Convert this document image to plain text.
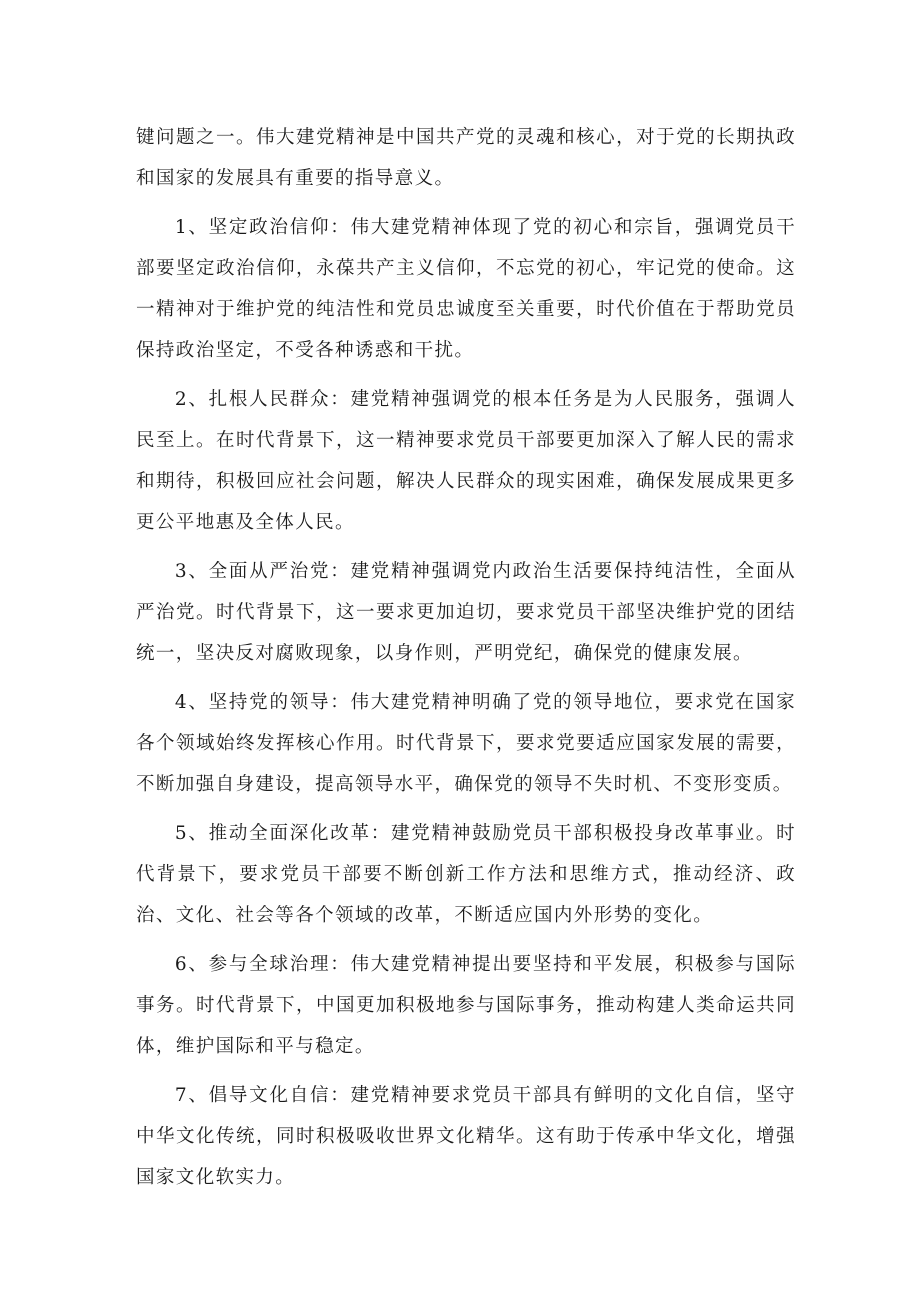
键问题之一。伟大建党精神是中国共产党的灵魂和核心，对于党的长期执政和国家的发展具有重要的指导意义。

1、坚定政治信仰：伟大建党精神体现了党的初心和宗旨，强调党员干部要坚定政治信仰，永葆共产主义信仰，不忘党的初心，牢记党的使命。这一精神对于维护党的纯洁性和党员忠诚度至关重要，时代价值在于帮助党员保持政治坚定，不受各种诱惑和干扰。

2、扎根人民群众：建党精神强调党的根本任务是为人民服务，强调人民至上。在时代背景下，这一精神要求党员干部要更加深入了解人民的需求和期待，积极回应社会问题，解决人民群众的现实困难，确保发展成果更多更公平地惠及全体人民。

3、全面从严治党：建党精神强调党内政治生活要保持纯洁性，全面从严治党。时代背景下，这一要求更加迫切，要求党员干部坚决维护党的团结统一，坚决反对腐败现象，以身作则，严明党纪，确保党的健康发展。

4、坚持党的领导：伟大建党精神明确了党的领导地位，要求党在国家各个领域始终发挥核心作用。时代背景下，要求党要适应国家发展的需要，不断加强自身建设，提高领导水平，确保党的领导不失时机、不变形变质。

5、推动全面深化改革：建党精神鼓励党员干部积极投身改革事业。时代背景下，要求党员干部要不断创新工作方法和思维方式，推动经济、政治、文化、社会等各个领域的改革，不断适应国内外形势的变化。

6、参与全球治理：伟大建党精神提出要坚持和平发展，积极参与国际事务。时代背景下，中国更加积极地参与国际事务，推动构建人类命运共同体，维护国际和平与稳定。

7、倡导文化自信：建党精神要求党员干部具有鲜明的文化自信，坚守中华文化传统，同时积极吸收世界文化精华。这有助于传承中华文化，增强国家文化软实力。
